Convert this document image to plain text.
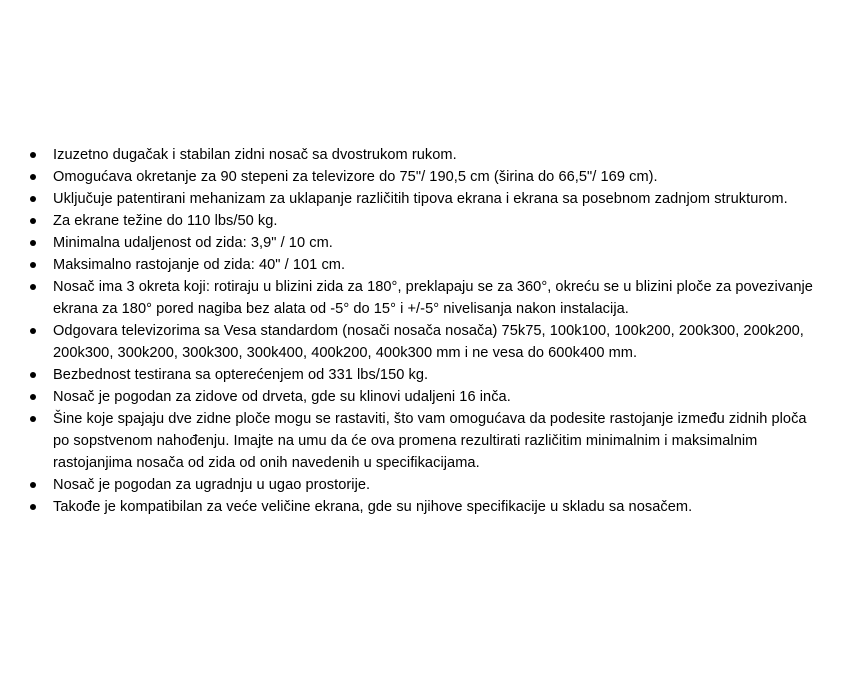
Izuzetno dugačak i stabilan zidni nosač sa dvostrukom rukom.
Omogućava okretanje za 90 stepeni za televizore do 75"/ 190,5 cm (širina do 66,5"/ 169 cm).
Uključuje patentirani mehanizam za uklapanje različitih tipova ekrana i ekrana sa posebnom zadnjom strukturom.
Za ekrane težine do 110 lbs/50 kg.
Minimalna udaljenost od zida: 3,9" / 10 cm.
Maksimalno rastojanje od zida: 40" / 101 cm.
Nosač ima 3 okreta koji: rotiraju u blizini zida za 180°, preklapaju se za 360°, okreću se u blizini ploče za povezivanje ekrana za 180° pored nagiba bez alata od -5° do 15° i +/-5° nivelisanja nakon instalacija.
Odgovara televizorima sa Vesa standardom (nosači nosača nosača) 75k75, 100k100, 100k200, 200k300, 200k200, 200k300, 300k200, 300k300, 300k400, 400k200, 400k300 mm i ne vesa do 600k400 mm.
Bezbednost testirana sa opterećenjem od 331 lbs/150 kg.
Nosač je pogodan za zidove od drveta, gde su klinovi udaljeni 16 inča.
Šine koje spajaju dve zidne ploče mogu se rastaviti, što vam omogućava da podesite rastojanje između zidnih ploča po sopstvenom nahođenju. Imajte na umu da će ova promena rezultirati različitim minimalnim i maksimalnim rastojanjima nosača od zida od onih navedenih u specifikacijama.
Nosač je pogodan za ugradnju u ugao prostorije.
Takođe je kompatibilan za veće veličine ekrana, gde su njihove specifikacije u skladu sa nosačem.
